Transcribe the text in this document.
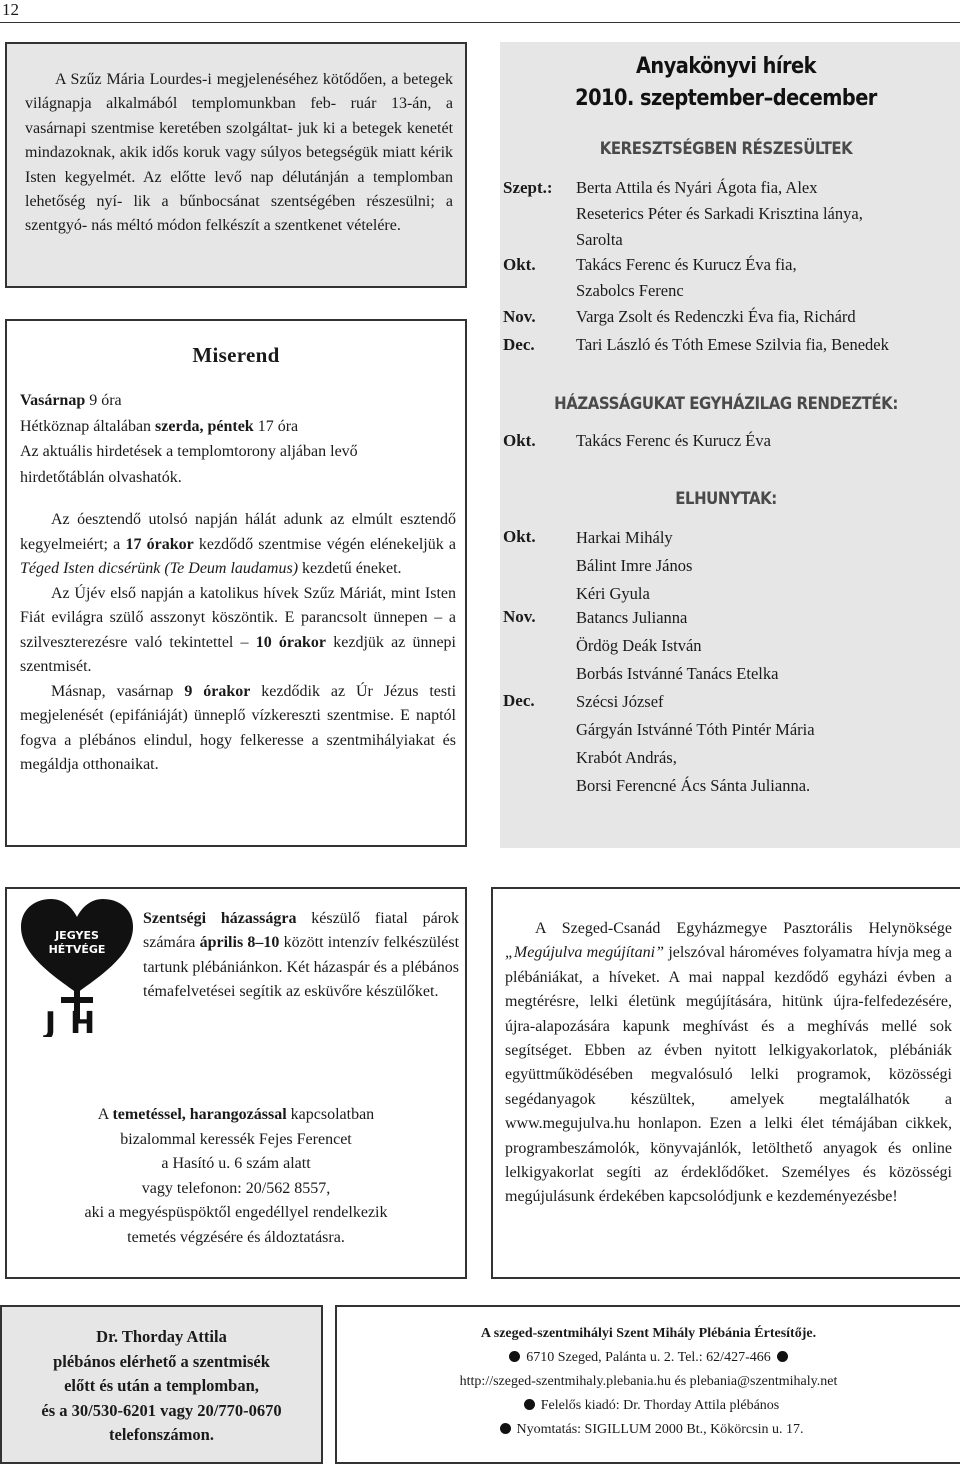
12

A Szűz Mária Lourdes-i megjelenéséhez kötődően, a betegek világnapja alkalmából templomunkban feb- ruár 13-án, a vasárnapi szentmise keretében szolgáltat- juk ki a betegek kenetét mindazoknak, akik idős koruk vagy súlyos betegségük miatt kérik Isten kegyelmét. Az előtte levő nap délutánján a templomban lehetőség nyí- lik a bűnbocsánat szentségében részesülni; a szentgyó- nás méltó módon felkészít a szentkenet vételére.

Miserend
Vasárnap 9 óra
Hétköznap általában szerda, péntek 17 óra
Az aktuális hirdetések a templomtorony aljában levő
hirdetőtáblán olvashatók.

Az óesztendő utolsó napján hálát adunk az elmúlt esztendő kegyelmeiért; a 17 órakor kezdődő szentmise végén elénekeljük a Téged Isten dicsérünk (Te Deum laudamus) kezdetű éneket.

Az Újév első napján a katolikus hívek Szűz Máriát, mint Isten Fiát evilágra szülő asszonyt köszöntik. E parancsolt ünnepen – a szilveszterezésre való tekintettel – 10 órakor kezdjük az ünnepi szentmisét.

Másnap, vasárnap 9 órakor kezdődik az Úr Jézus testi megjelenését (epifániáját) ünneplő vízkereszti szentmise. E naptól fogva a plébános elindul, hogy felkeresse a szentmihályiakat és megáldja otthonaikat.

Anyakönyvi hírek
2010. szeptember–december
KERESZTSÉGBEN RÉSZESÜLTEK
Szept.: Berta Attila és Nyári Ágota fia, Alex
Reseterics Péter és Sarkadi Krisztina lánya,
Sarolta
Okt. Takács Ferenc és Kurucz Éva fia,
Szabolcs Ferenc
Nov. Varga Zsolt és Redenczki Éva fia, Richárd
Dec.	Tari László és Tóth Emese Szilvia fia, Benedek
HÁZASSÁGUKAT EGYHÁZILAG RENDEZTÉK:
Okt. Takács Ferenc és Kurucz Éva
ELHUNYTAK:
Okt. Harkai Mihály
Bálint Imre János
Kéri Gyula
Nov. Batancs Julianna
Ördög Deák István
Borbás Istvánné Tanács Etelka
Dec.	Szécsi József
Gárgyán Istvánné Tóth Pintér Mária
Krabót András,
Borsi Ferencné Ács Sánta Julianna.
JEGYES
HÉTVÉGE
JH
Szentségi házasságra készülő fiatal párok számára április 8–10 között intenzív felkészülést tartunk plébániánkon. Két házaspár és a plébános témafelvetései segítik az esküvőre készülőket.
A temetéssel, harangozással kapcsolatban
bizalommal keressék Fejes Ferencet
a Hasító u. 6 szám alatt
vagy telefonon: 20/562 8557,
aki a megyéspüspöktől engedéllyel rendelkezik
temetés végzésére és áldoztatásra.

A Szeged-Csanád Egyházmegye Pasztorális Helynöksége „Megújulva megújítani” jelszóval hároméves folyamatra hívja meg a plébániákat, a híveket. A mai nappal kezdődő egyházi évben a megtérésre, lelki életünk megújítására, hitünk újra-felfedezésére, újra-alapozására kapunk meghívást és a meghívás mellé sok segítséget. Ebben az évben nyitott lelkigyakorlatok, plébániák együttműködésében megvalósuló lelki programok, közösségi segédanyagok készültek, amelyek megtalálhatók a www.megujulva.hu honlapon. Ezen a lelki élet témájában cikkek, programbeszámolók, könyvajánlók, letölthető anyagok és online lelkigyakorlat segíti az érdeklődőket. Személyes és közösségi megújulásunk érdekében kapcsolódjunk e kezdeményezésbe!

Dr. Thorday Attila
plébános elérhető a szentmisék
előtt és után a templomban,
és a 30/530-6201 vagy 20/770-0670
telefonszámon.
A szeged-szentmihályi Szent Mihály Plébánia Értesítője.
6710 Szeged, Palánta u. 2. Tel.: 62/427-466
http://szeged-szentmihaly.plebania.hu és plebania@szentmihaly.net
Felelős kiadó: Dr. Thorday Attila plébános
Nyomtatás: SIGILLUM 2000 Bt., Kökörcsin u. 17.
